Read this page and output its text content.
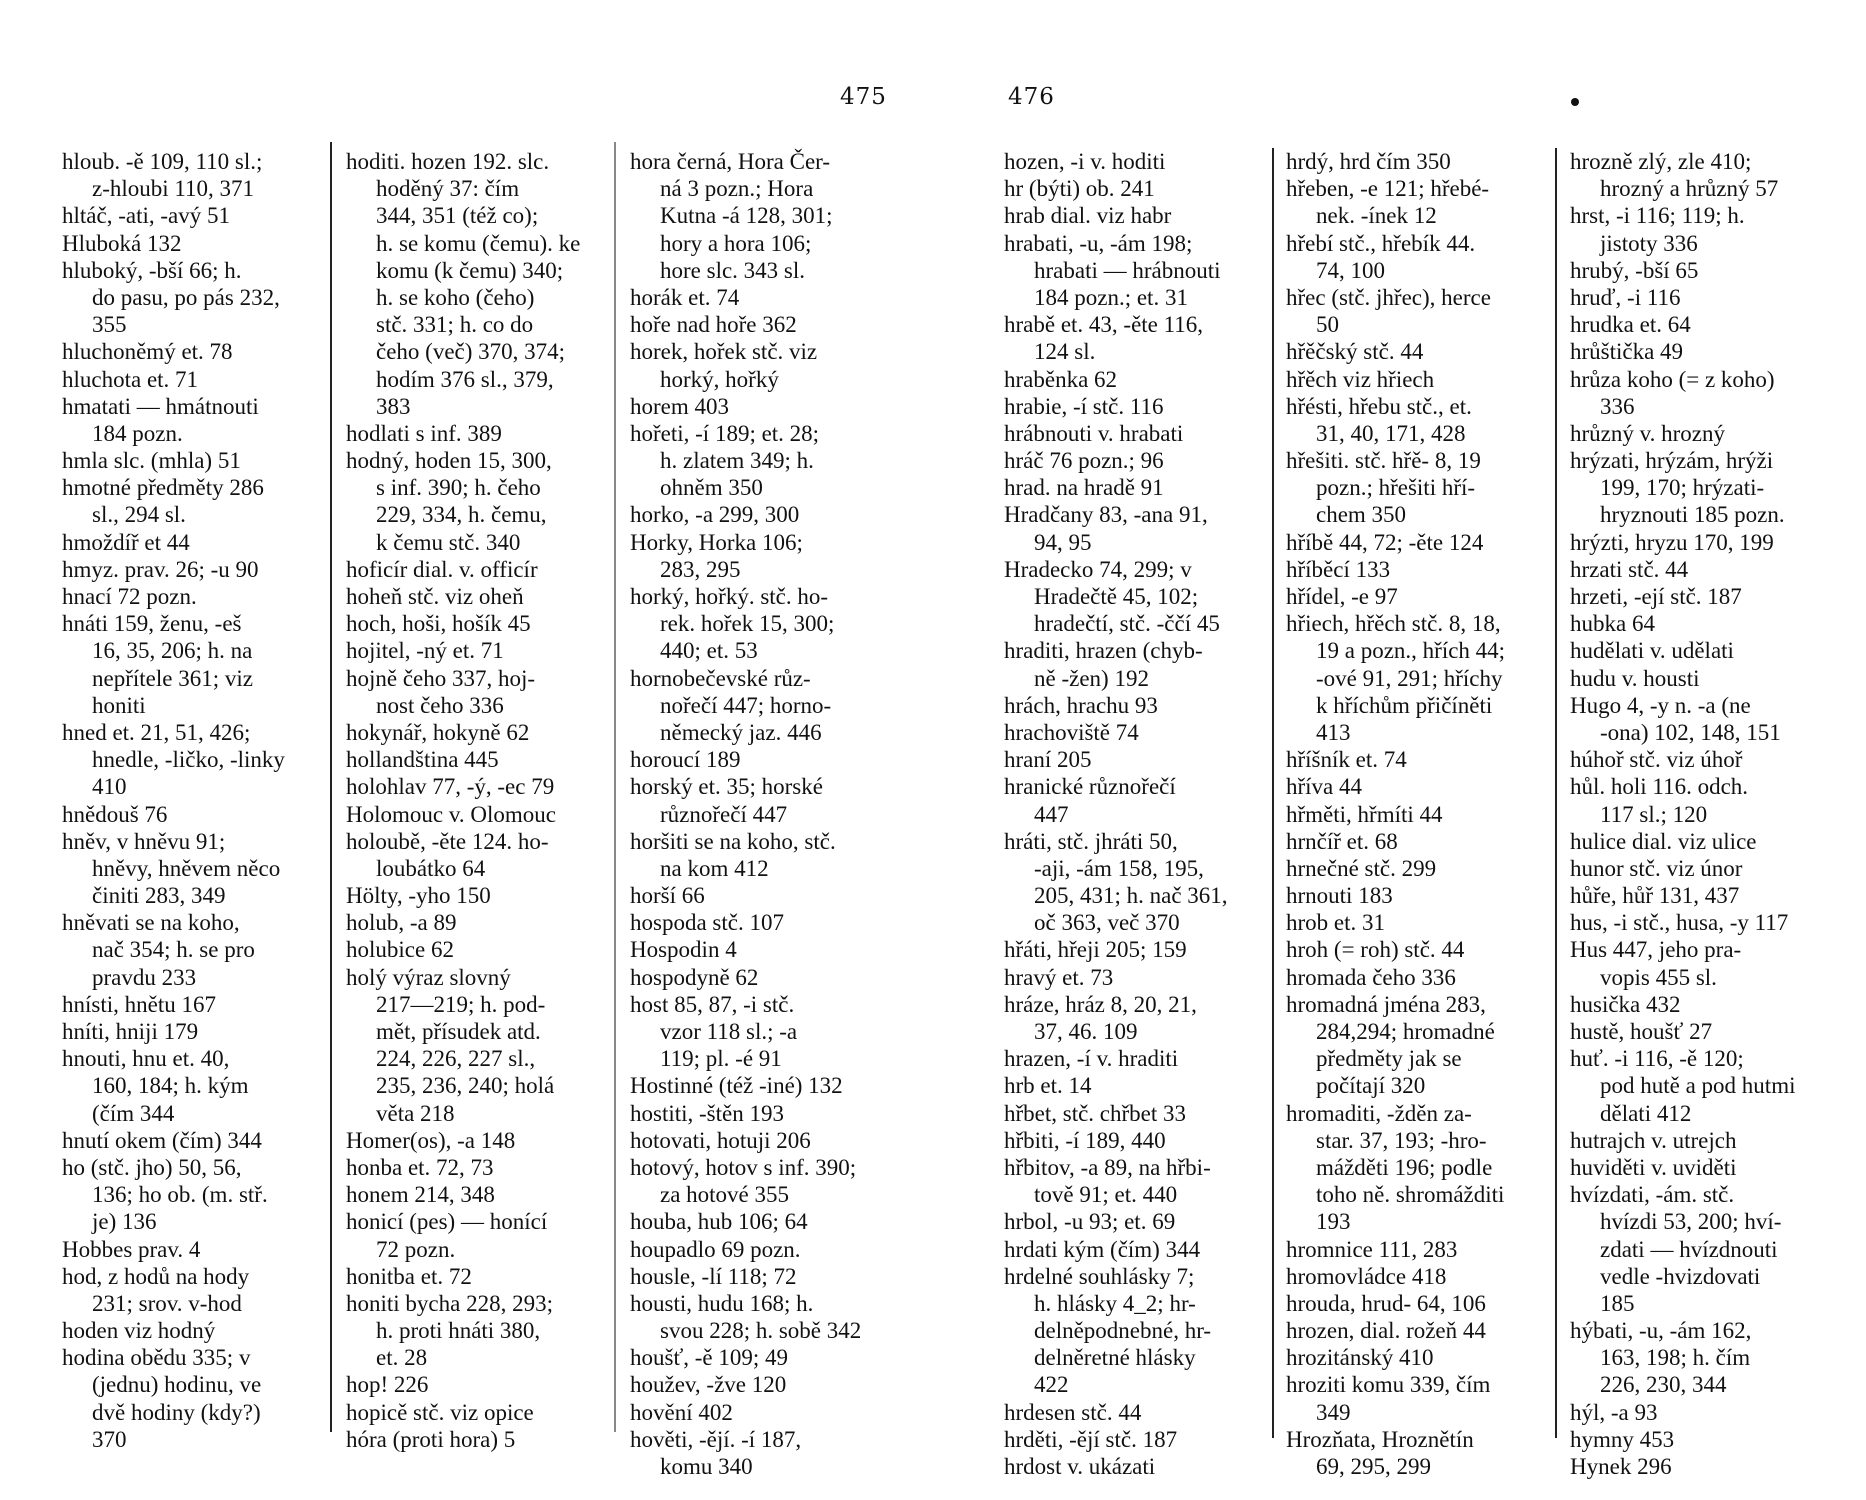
475	476
hloub. -ě 109, 110 sl.;
z-hloubi 110, 371
hltáč, -ati, -avý 51
Hluboká 132
hluboký, -bší 66; h.
do pasu, po pás 232,
355
hluchoněmý et. 78
hluchota et. 71
hmatati — hmátnouti
184 pozn.
hmla slc. (mhla) 51
hmotné předměty 286
sl., 294 sl.
hmoždíř et 44
hmyz. prav. 26; -u 90
hnací 72 pozn.
hnáti 159, ženu, -eš
16, 35, 206; h. na
nepřítele 361; viz
honiti
hned et. 21, 51, 426;
hnedle, -ličko, -linky
410
hnědouš 76
hněv, v hněvu 91;
hněvy, hněvem něco
činiti 283, 349
hněvati se na koho,
nač 354; h. se pro
pravdu 233
hnísti, hnětu 167
hníti, hniji 179
hnouti, hnu et. 40,
160, 184; h. kým
(čím 344
hnutí okem (čím) 344
ho (stč. jho) 50, 56,
136; ho ob. (m. stř.
je) 136
Hobbes prav. 4
hod, z hodů na hody
231; srov. v-hod
hoden viz hodný
hodina obědu 335; v
(jednu) hodinu, ve
dvě hodiny (kdy?)
370
hoditi. hozen 192. slc.
hoděný 37: čím
344, 351 (též co);
h. se komu (čemu). ke
komu (k čemu) 340;
h. se koho (čeho)
stč. 331; h. co do
čeho (več) 370, 374;
hodím 376 sl., 379,
383
hodlati s inf. 389
hodný, hoden 15, 300,
s inf. 390; h. čeho
229, 334, h. čemu,
k čemu stč. 340
hoficír dial. v. officír
hoheň stč. viz oheň
hoch, hoši, hošík 45
hojitel, -ný et. 71
hojně čeho 337, hoj-
nost čeho 336
hokynář, hokyně 62
hollandština 445
holohlav 77, -ý, -ec 79
Holomouc v. Olomouc
holoubě, -ěte 124. ho-
loubátko 64
Hölty, -yho 150
holub, -a 89
holubice 62
holý výraz slovný
217—219; h. pod-
mět, přísudek atd.
224, 226, 227 sl.,
235, 236, 240; holá
věta 218
Homer(os), -a 148
honba et. 72, 73
honem 214, 348
honicí (pes) — honící
72 pozn.
honitba et. 72
honiti bycha 228, 293;
h. proti hnáti 380,
et. 28
hop! 226
hopicě stč. viz opice
hóra (proti hora) 5
hora černá, Hora Čer-
ná 3 pozn.; Hora
Kutna -á 128, 301;
hory a hora 106;
hore slc. 343 sl.
horák et. 74
hoře nad hoře 362
horek, hořek stč. viz
horký, hořký
horem 403
hořeti, -í 189; et. 28;
h. zlatem 349; h.
ohněm 350
horko, -a 299, 300
Horky, Horka 106;
283, 295
horký, hořký. stč. ho-
rek. hořek 15, 300;
440; et. 53
hornobečevské růz-
nořečí 447; horno-
německý jaz. 446
horoucí 189
horský et. 35; horské
různořečí 447
horšiti se na koho, stč.
na kom 412
horší 66
hospoda stč. 107
Hospodin 4
hospodyně 62
host 85, 87, -i stč.
vzor 118 sl.; -a
119; pl. -é 91
Hostinné (též -iné) 132
hostiti, -štěn 193
hotovati, hotuji 206
hotový, hotov s inf. 390;
za hotové 355
houba, hub 106; 64
houpadlo 69 pozn.
housle, -lí 118; 72
housti, hudu 168; h.
svou 228; h. sobě 342
houšť, -ě 109; 49
houžev, -žve 120
hovění 402
hověti, -ějí. -í 187,
komu 340
hozen, -i v. hoditi
hr (býti) ob. 241
hrab dial. viz habr
hrabati, -u, -ám 198;
hrabati — hrábnouti
184 pozn.; et. 31
hrabě et. 43, -ěte 116,
124 sl.
hraběnka 62
hrabie, -í stč. 116
hrábnouti v. hrabati
hráč 76 pozn.; 96
hrad. na hradě 91
Hradčany 83, -ana 91,
94, 95
Hradecko 74, 299; v
Hradečtě 45, 102;
hradečtí, stč. -ččí 45
hraditi, hrazen (chyb-
ně -žen) 192
hrách, hrachu 93
hrachoviště 74
hraní 205
hranické různořečí
447
hráti, stč. jhráti 50,
-aji, -ám 158, 195,
205, 431; h. nač 361,
oč 363, več 370
hřáti, hřeji 205; 159
hravý et. 73
hráze, hráz 8, 20, 21,
37, 46. 109
hrazen, -í v. hraditi
hrb et. 14
hřbet, stč. chřbet 33
hřbiti, -í 189, 440
hřbitov, -a 89, na hřbi-
tově 91; et. 440
hrbol, -u 93; et. 69
hrdati kým (čím) 344
hrdelné souhlásky 7;
h. hlásky 4_2; hr-
delněpodnebné, hr-
delněretné hlásky
422
hrdesen stč. 44
hrděti, -ějí stč. 187
hrdost v. ukázati
hrdý, hrd čím 350
hřeben, -e 121; hřebé-
nek. -ínek 12
hřebí stč., hřebík 44.
74, 100
hřec (stč. jhřec), herce
50
hřěčský stč. 44
hřěch viz hřiech
hřésti, hřebu stč., et.
31, 40, 171, 428
hřešiti. stč. hřě- 8, 19
pozn.; hřešiti hří-
chem 350
hříbě 44, 72; -ěte 124
hříběcí 133
hřídel, -e 97
hřiech, hřěch stč. 8, 18,
19 a pozn., hřích 44;
-ové 91, 291; hříchy
k hříchům přičíněti
413
hříšník et. 74
hříva 44
hřměti, hřmíti 44
hrnčíř et. 68
hrnečné stč. 299
hrnouti 183
hrob et. 31
hroh (= roh) stč. 44
hromada čeho 336
hromadná jména 283,
284,294; hromadné
předměty jak se
počítají 320
hromaditi, -žděn za-
star. 37, 193; -hro-
mážděti 196; podle
toho ně. shromážditi
193
hromnice 111, 283
hromovládce 418
hrouda, hrud- 64, 106
hrozen, dial. rožeň 44
hrozitánský 410
hroziti komu 339, čím
349
Hrozňata, Hroznětín
69, 295, 299
hrozně zlý, zle 410;
hrozný a hrůzný 57
hrst, -i 116; 119; h.
jistoty 336
hrubý, -bší 65
hruď, -i 116
hrudka et. 64
hrůštička 49
hrůza koho (= z koho)
336
hrůzný v. hrozný
hrýzati, hrýzám, hrýži
199, 170; hrýzati-
hryznouti 185 pozn.
hrýzti, hryzu 170, 199
hrzati stč. 44
hrzeti, -ejí stč. 187
hubka 64
hudělati v. udělati
hudu v. housti
Hugo 4, -y n. -a (ne
-ona) 102, 148, 151
húhoř stč. viz úhoř
hůl. holi 116. odch.
117 sl.; 120
hulice dial. viz ulice
hunor stč. viz únor
hůře, hůř 131, 437
hus, -i stč., husa, -y 117
Hus 447, jeho pra-
vopis 455 sl.
husička 432
hustě, houšť 27
huť. -i 116, -ě 120;
pod hutě a pod hutmi
dělati 412
hutrajch v. utrejch
huviděti v. uviděti
hvízdati, -ám. stč.
hvízdi 53, 200; hví-
zdati — hvízdnouti
vedle -hvizdovati
185
hýbati, -u, -ám 162,
163, 198; h. čím
226, 230, 344
hýl, -a 93
hymny 453
Hynek 296
